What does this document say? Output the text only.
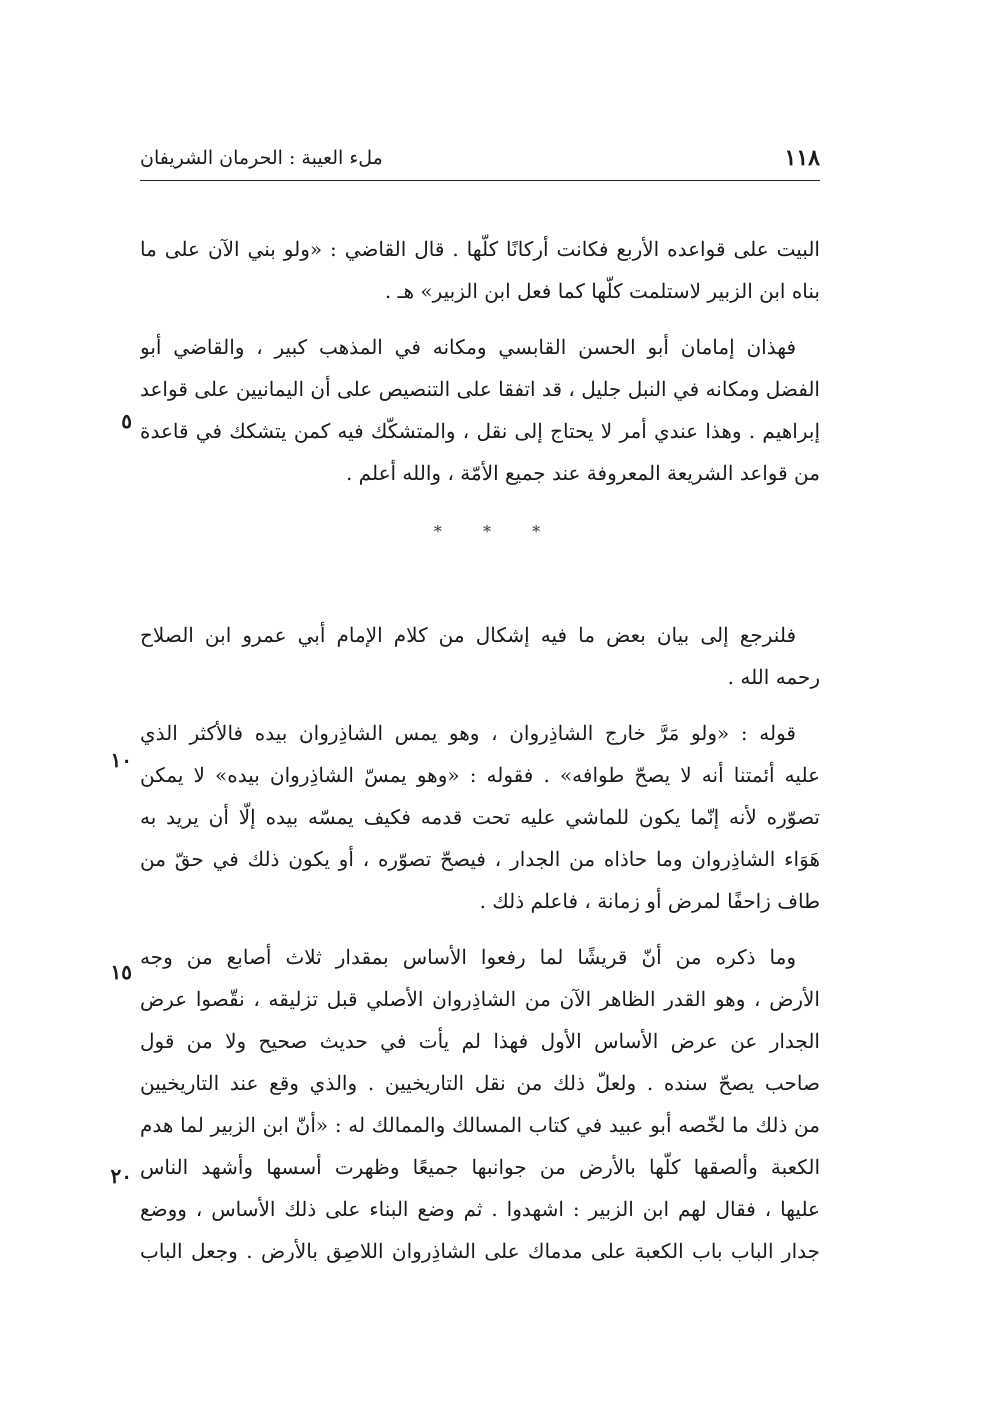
١١٨
ملء العيبة : الحرمان الشريفان
البيت على قواعده الأربع فكانت أركانًا كلّها . قال القاضي : «ولو بني الآن على ما
بناه ابن الزبير لاستلمت كلّها كما فعل ابن الزبير» هـ .
فهذان إمامان أبو الحسن القابسي ومكانه في المذهب كبير ، والقاضي أبو
الفضل ومكانه في النبل جليل ، قد اتفقا على التنصيص على أن اليمانيين على قواعد
إبراهيم . وهذا عندي أمر لا يحتاج إلى نقل ، والمتشكّك فيه كمن يتشكك في قاعدة
من قواعد الشريعة المعروفة عند جميع الأمّة ، والله أعلم .
٥
* * *
فلنرجع إلى بيان بعض ما فيه إشكال من كلام الإمام أبي عمرو ابن الصلاح
رحمه الله .
قوله : «ولو مَرَّ خارج الشاذِروان ، وهو يمس الشاذِروان بيده فالأكثر الذي
عليه أئمتنا أنه لا يصحّ طوافه» . فقوله : «وهو يمسّ الشاذِروان بيده» لا يمكن
تصوّره لأنه إنّما يكون للماشي عليه تحت قدمه فكيف يمسّه بيده إلّا أن يريد به
هَوَاء الشاذِروان وما حاذاه من الجدار ، فيصحّ تصوّره ، أو يكون ذلك في حقّ من
طاف زاحفًا لمرض أو زمانة ، فاعلم ذلك .
وما ذكره من أنّ قريشًا لما رفعوا الأساس بمقدار ثلاث أصابع من وجه
الأرض ، وهو القدر الظاهر الآن من الشاذِروان الأصلي قبل تزليقه ، نقّصوا عرض
الجدار عن عرض الأساس الأول فهذا لم يأت في حديث صحيح ولا من قول
صاحب يصحّ سنده . ولعلّ ذلك من نقل التاريخيين . والذي وقع عند التاريخيين
من ذلك ما لخّصه أبو عبيد في كتاب المسالك والممالك له : «أنّ ابن الزبير لما هدم
الكعبة وألصقها كلّها بالأرض من جوانبها جميعًا وظهرت أسسها وأشهد الناس
عليها ، فقال لهم ابن الزبير : اشهدوا . ثم وضع البناء على ذلك الأساس ، ووضع
جدار الباب باب الكعبة على مدماك على الشاذِروان اللاصِق بالأرض . وجعل الباب
١٠
١٥
٢٠
